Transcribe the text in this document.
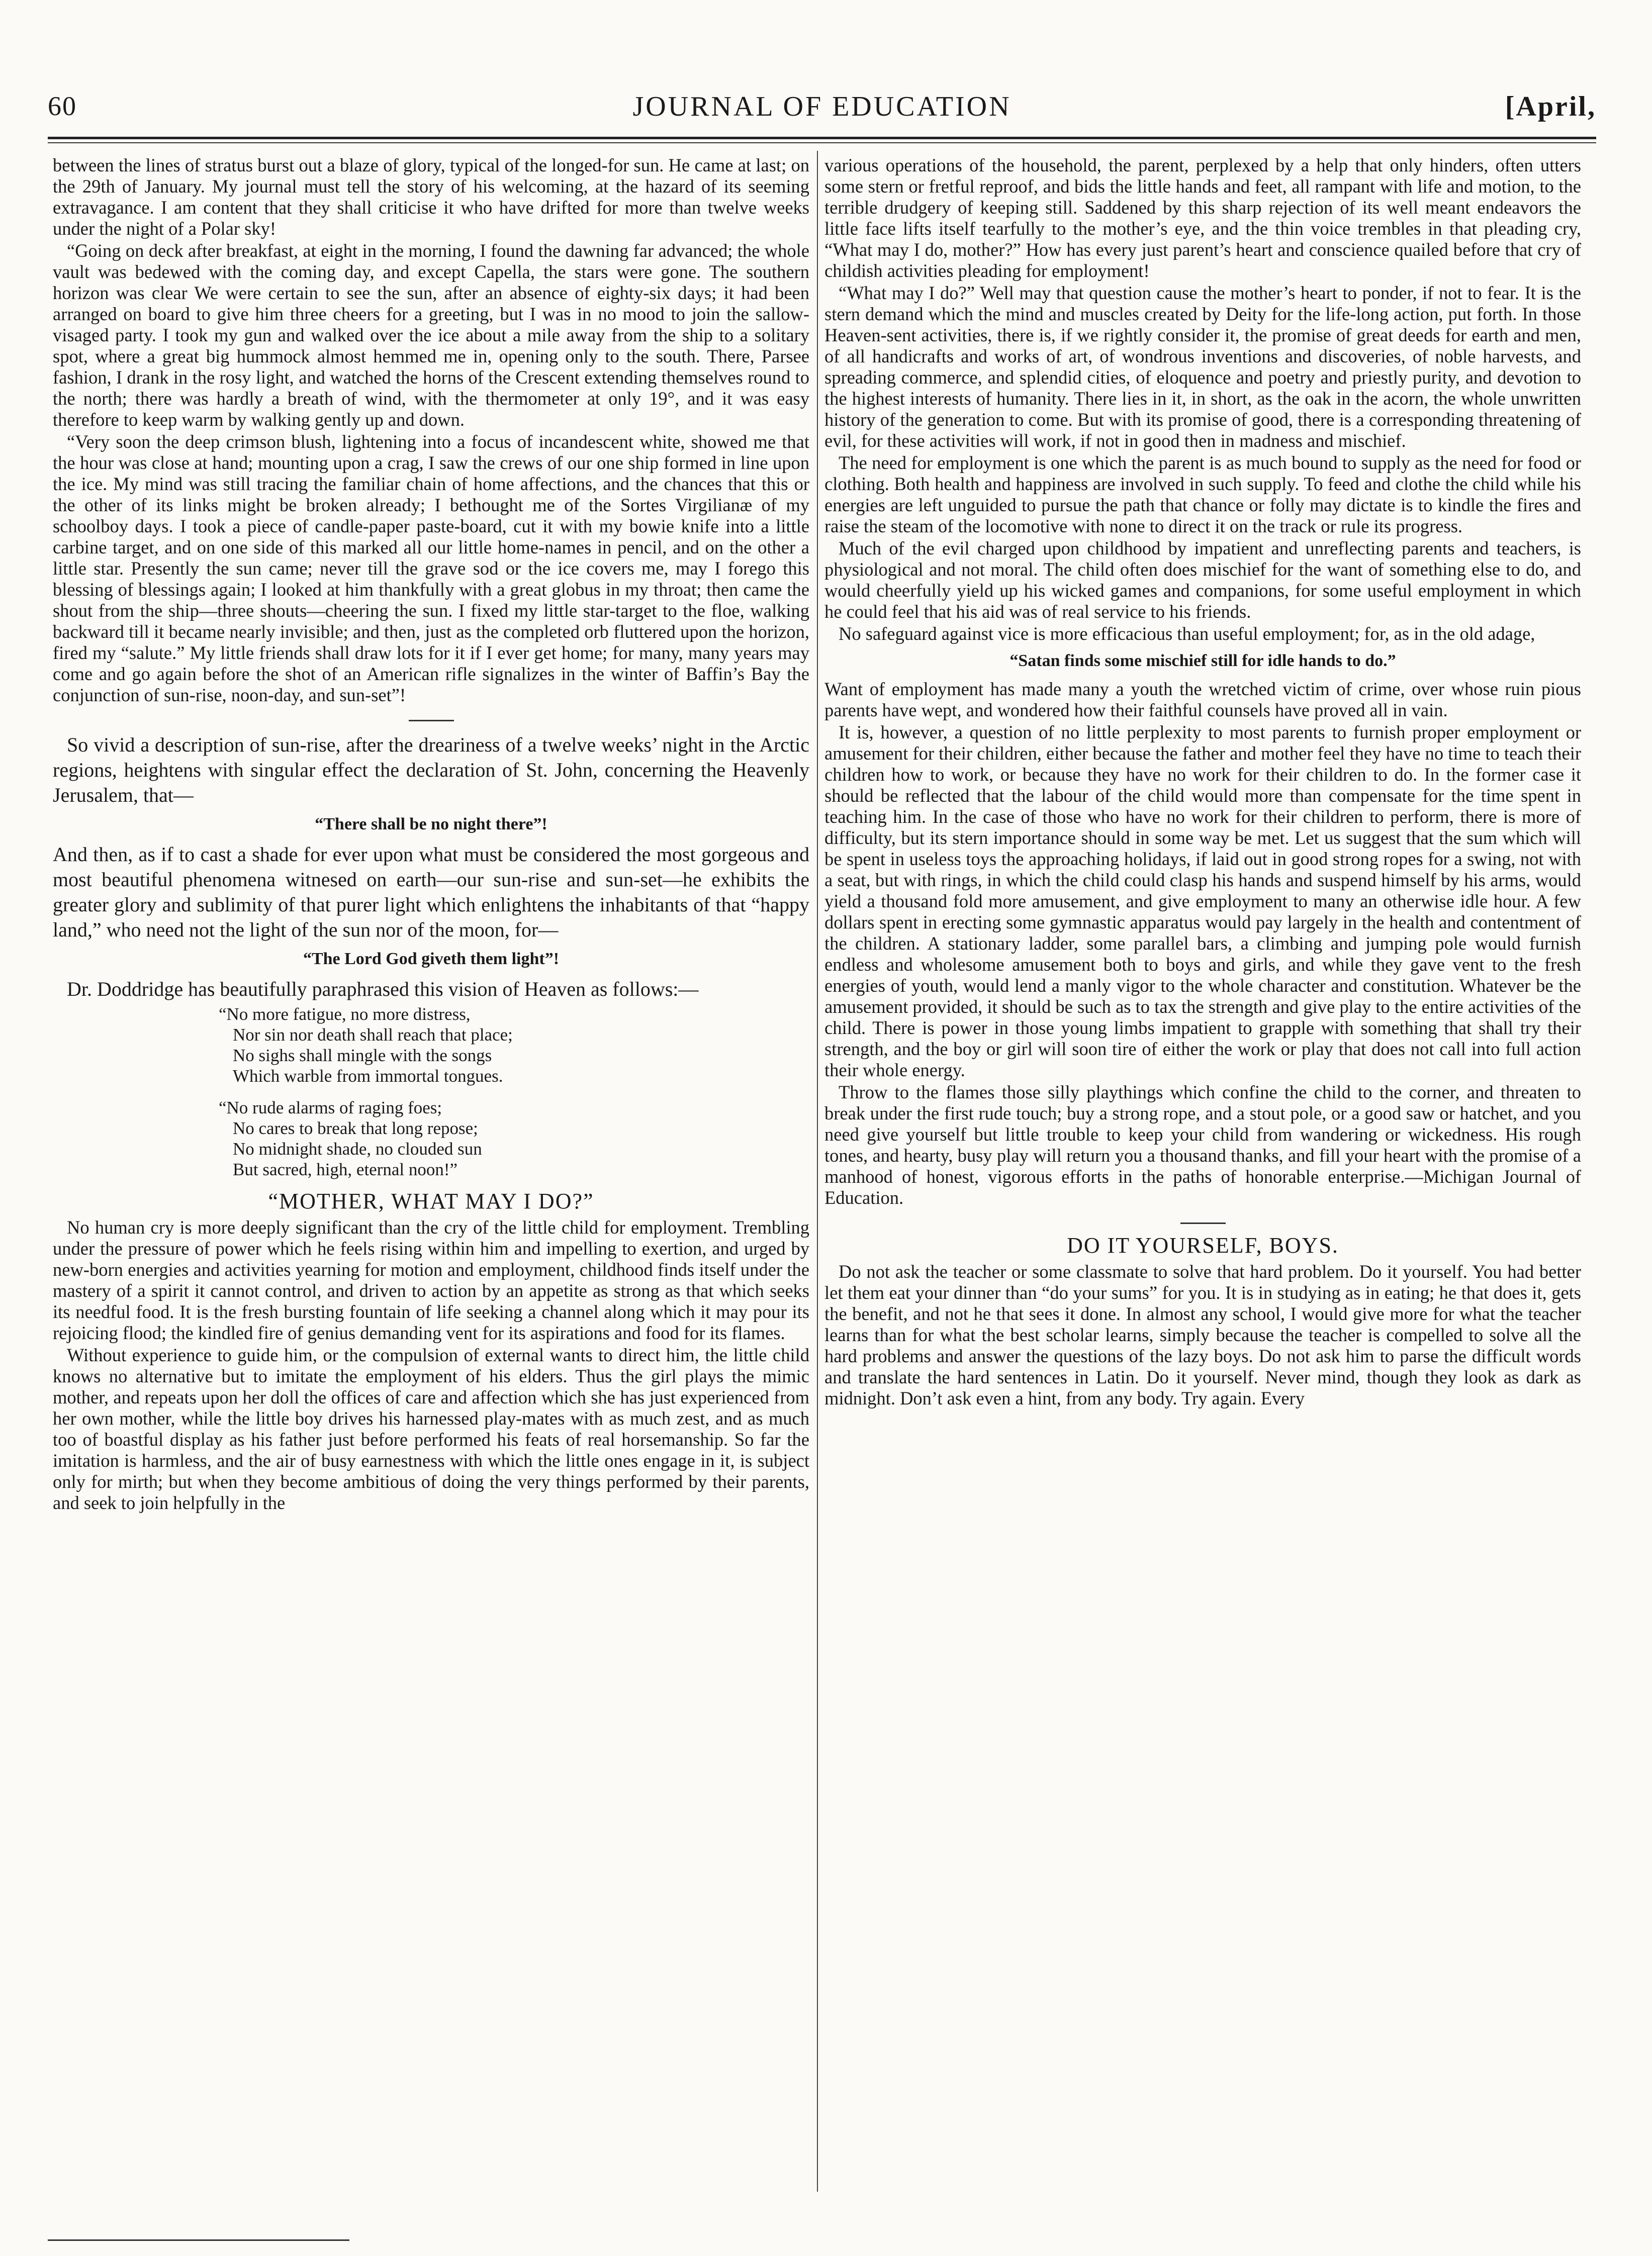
60	JOURNAL OF EDUCATION	[April,

between the lines of stratus burst out a blaze of glory, typical of the longed-for sun. He came at last; on the 29th of January. My journal must tell the story of his welcoming, at the hazard of its seeming extravagance. I am content that they shall criticise it who have drifted for more than twelve weeks under the night of a Polar sky!

“Going on deck after breakfast, at eight in the morning, I found the dawning far advanced; the whole vault was bedewed with the coming day, and except Capella, the stars were gone. The southern horizon was clear We were certain to see the sun, after an absence of eighty-six days; it had been arranged on board to give him three cheers for a greeting, but I was in no mood to join the sallow-visaged party. I took my gun and walked over the ice about a mile away from the ship to a solitary spot, where a great big hummock almost hemmed me in, opening only to the south. There, Parsee fashion, I drank in the rosy light, and watched the horns of the Crescent extending themselves round to the north; there was hardly a breath of wind, with the thermometer at only 19°, and it was easy therefore to keep warm by walking gently up and down.

“Very soon the deep crimson blush, lightening into a focus of incandescent white, showed me that the hour was close at hand; mounting upon a crag, I saw the crews of our one ship formed in line upon the ice. My mind was still tracing the familiar chain of home affections, and the chances that this or the other of its links might be broken already; I bethought me of the Sortes Virgilianæ of my schoolboy days. I took a piece of candle-paper paste-board, cut it with my bowie knife into a little carbine target, and on one side of this marked all our little home-names in pencil, and on the other a little star. Presently the sun came; never till the grave sod or the ice covers me, may I forego this blessing of blessings again; I looked at him thankfully with a great globus in my throat; then came the shout from the ship—three shouts—cheering the sun. I fixed my little star-target to the floe, walking backward till it became nearly invisible; and then, just as the completed orb fluttered upon the horizon, fired my “salute.” My little friends shall draw lots for it if I ever get home; for many, many years may come and go again before the shot of an American rifle signalizes in the winter of Baffin’s Bay the conjunction of sun-rise, noon-day, and sun-set”!

So vivid a description of sun-rise, after the dreariness of a twelve weeks’ night in the Arctic regions, heightens with singular effect the declaration of St. John, concerning the Heavenly Jerusalem, that—

“There shall be no night there”!

And then, as if to cast a shade for ever upon what must be considered the most gorgeous and most beautiful phenomena witnesed on earth—our sun-rise and sun-set—he exhibits the greater glory and sublimity of that purer light which enlightens the inhabitants of that “happy land,” who need not the light of the sun nor of the moon, for—

“The Lord God giveth them light”!

Dr. Doddridge has beautifully paraphrased this vision of Heaven as follows:—

“No more fatigue, no more distress,
Nor sin nor death shall reach that place;
No sighs shall mingle with the songs
Which warble from immortal tongues.
“No rude alarms of raging foes;
No cares to break that long repose;
No midnight shade, no clouded sun
But sacred, high, eternal noon!”
“MOTHER, WHAT MAY I DO?”

No human cry is more deeply significant than the cry of the little child for employment. Trembling under the pressure of power which he feels rising within him and impelling to exertion, and urged by new-born energies and activities yearning for motion and employment, childhood finds itself under the mastery of a spirit it cannot control, and driven to action by an appetite as strong as that which seeks its needful food. It is the fresh bursting fountain of life seeking a channel along which it may pour its rejoicing flood; the kindled fire of genius demanding vent for its aspirations and food for its flames.

Without experience to guide him, or the compulsion of external wants to direct him, the little child knows no alternative but to imitate the employment of his elders. Thus the girl plays the mimic mother, and repeats upon her doll the offices of care and affection which she has just experienced from her own mother, while the little boy drives his harnessed play-mates with as much zest, and as much too of boastful display as his father just before performed his feats of real horsemanship. So far the imitation is harmless, and the air of busy earnestness with which the little ones engage in it, is subject only for mirth; but when they become ambitious of doing the very things performed by their parents, and seek to join helpfully in the

various operations of the household, the parent, perplexed by a help that only hinders, often utters some stern or fretful reproof, and bids the little hands and feet, all rampant with life and motion, to the terrible drudgery of keeping still. Saddened by this sharp rejection of its well meant endeavors the little face lifts itself tearfully to the mother’s eye, and the thin voice trembles in that pleading cry, “What may I do, mother?” How has every just parent’s heart and conscience quailed before that cry of childish activities pleading for employment!

“What may I do?” Well may that question cause the mother’s heart to ponder, if not to fear. It is the stern demand which the mind and muscles created by Deity for the life-long action, put forth. In those Heaven-sent activities, there is, if we rightly consider it, the promise of great deeds for earth and men, of all handicrafts and works of art, of wondrous inventions and discoveries, of noble harvests, and spreading commerce, and splendid cities, of eloquence and poetry and priestly purity, and devotion to the highest interests of humanity. There lies in it, in short, as the oak in the acorn, the whole unwritten history of the generation to come. But with its promise of good, there is a corresponding threatening of evil, for these activities will work, if not in good then in madness and mischief.

The need for employment is one which the parent is as much bound to supply as the need for food or clothing. Both health and happiness are involved in such supply. To feed and clothe the child while his energies are left unguided to pursue the path that chance or folly may dictate is to kindle the fires and raise the steam of the locomotive with none to direct it on the track or rule its progress.

Much of the evil charged upon childhood by impatient and unreflecting parents and teachers, is physiological and not moral. The child often does mischief for the want of something else to do, and would cheerfully yield up his wicked games and companions, for some useful employment in which he could feel that his aid was of real service to his friends.

No safeguard against vice is more efficacious than useful employment; for, as in the old adage,

“Satan finds some mischief still for idle hands to do.”

Want of employment has made many a youth the wretched victim of crime, over whose ruin pious parents have wept, and wondered how their faithful counsels have proved all in vain.

It is, however, a question of no little perplexity to most parents to furnish proper employment or amusement for their children, either because the father and mother feel they have no time to teach their children how to work, or because they have no work for their children to do. In the former case it should be reflected that the labour of the child would more than compensate for the time spent in teaching him. In the case of those who have no work for their children to perform, there is more of difficulty, but its stern importance should in some way be met. Let us suggest that the sum which will be spent in useless toys the approaching holidays, if laid out in good strong ropes for a swing, not with a seat, but with rings, in which the child could clasp his hands and suspend himself by his arms, would yield a thousand fold more amusement, and give employment to many an otherwise idle hour. A few dollars spent in erecting some gymnastic apparatus would pay largely in the health and contentment of the children. A stationary ladder, some parallel bars, a climbing and jumping pole would furnish endless and wholesome amusement both to boys and girls, and while they gave vent to the fresh energies of youth, would lend a manly vigor to the whole character and constitution. Whatever be the amusement provided, it should be such as to tax the strength and give play to the entire activities of the child. There is power in those young limbs impatient to grapple with something that shall try their strength, and the boy or girl will soon tire of either the work or play that does not call into full action their whole energy.

Throw to the flames those silly playthings which confine the child to the corner, and threaten to break under the first rude touch; buy a strong rope, and a stout pole, or a good saw or hatchet, and you need give yourself but little trouble to keep your child from wandering or wickedness. His rough tones, and hearty, busy play will return you a thousand thanks, and fill your heart with the promise of a manhood of honest, vigorous efforts in the paths of honorable enterprise.—Michigan Journal of Education.

DO IT YOURSELF, BOYS.

Do not ask the teacher or some classmate to solve that hard problem. Do it yourself. You had better let them eat your dinner than “do your sums” for you. It is in studying as in eating; he that does it, gets the benefit, and not he that sees it done. In almost any school, I would give more for what the teacher learns than for what the best scholar learns, simply because the teacher is compelled to solve all the hard problems and answer the questions of the lazy boys. Do not ask him to parse the difficult words and translate the hard sentences in Latin. Do it yourself. Never mind, though they look as dark as midnight. Don’t ask even a hint, from any body. Try again. Every
